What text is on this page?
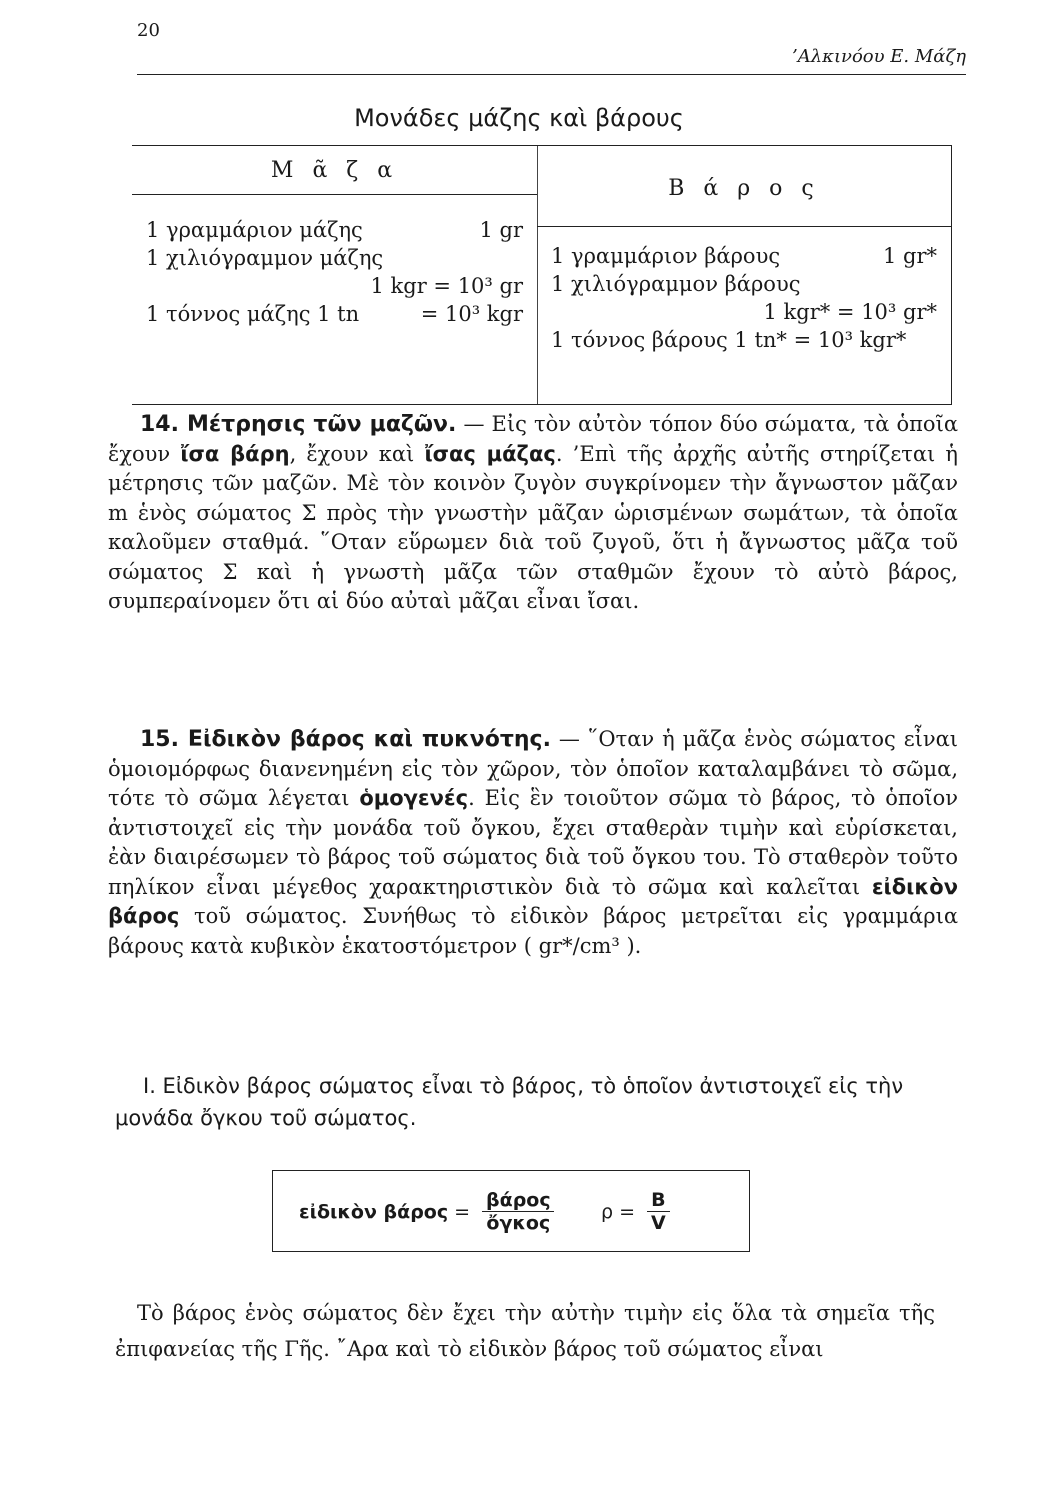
20
’Αλκινόου Ε. Μάζη
Μονάδες μάζης καὶ βάρους
Μ ᾶ ζ α
1 γραμμάριον μάζης	1 gr
1 χιλιόγραμμον μάζης
1 kgr = 10³ gr
1 τόννος μάζης 1 tn	= 10³ kgr
Β ά ρ ο ς
1 γραμμάριον βάρους	1 gr*
1 χιλιόγραμμον βάρους
1 kgr* = 10³ gr*
1 τόννος βάρους 1 tn* = 10³ kgr*

14. Μέτρησις τῶν μαζῶν. — Εἰς τὸν αὐτὸν τόπον δύο σώματα, τὰ ὁποῖα ἔχουν ἴσα βάρη, ἔχουν καὶ ἴσας μάζας. ’Επὶ τῆς ἀρχῆς αὐτῆς στηρίζεται ἡ μέτρησις τῶν μαζῶν. Μὲ τὸν κοινὸν ζυγὸν συγκρίνομεν τὴν ἄγνωστον μᾶζαν m ἑνὸς σώματος Σ πρὸς τὴν γνωστὴν μᾶζαν ὡρισμένων σωμάτων, τὰ ὁποῖα καλοῦμεν σταθμά. ῞Οταν εὕρωμεν διὰ τοῦ ζυγοῦ, ὅτι ἡ ἄγνωστος μᾶζα τοῦ σώματος Σ καὶ ἡ γνωστὴ μᾶζα τῶν σταθμῶν ἔχουν τὸ αὐτὸ βάρος, συμπεραίνομεν ὅτι αἱ δύο αὐταὶ μᾶζαι εἶναι ἴσαι.

15. Εἰδικὸν βάρος καὶ πυκνότης. — ῞Οταν ἡ μᾶζα ἑνὸς σώματος εἶναι ὁμοιομόρφως διανενημένη εἰς τὸν χῶρον, τὸν ὁποῖον καταλαμβάνει τὸ σῶμα, τότε τὸ σῶμα λέγεται ὁμογενές. Εἰς ἓν τοιοῦτον σῶμα τὸ βάρος, τὸ ὁποῖον ἀντιστοιχεῖ εἰς τὴν μονάδα τοῦ ὄγκου, ἔχει σταθερὰν τιμὴν καὶ εὑρίσκεται, ἐὰν διαιρέσωμεν τὸ βάρος τοῦ σώματος διὰ τοῦ ὄγκου του. Τὸ σταθερὸν τοῦτο πηλίκον εἶναι μέγεθος χαρακτηριστικὸν διὰ τὸ σῶμα καὶ καλεῖται εἰδικὸν βάρος τοῦ σώματος. Συνήθως τὸ εἰδικὸν βάρος μετρεῖται εἰς γραμμάρια βάρους κατὰ κυβικὸν ἑκατοστόμετρον ( gr*/cm³ ).

I. Εἰδικὸν βάρος σώματος εἶναι τὸ βάρος, τὸ ὁποῖον ἀντιστοιχεῖ εἰς τὴν μονάδα ὄγκου τοῦ σώματος.
εἰδικὸν $\beta ά\rho o\varsigma = \frac{\text{βάρος}}{\text{ὄγκος}}$ $\rho = \frac{B}{V}$
Τὸ βάρος ἑνὸς σώματος δὲν ἔχει τὴν αὐτὴν τιμὴν εἰς ὅλα τὰ σημεῖα τῆς ἐπιφανείας τῆς Γῆς. ῎Αρα καὶ τὸ εἰδικὸν βάρος τοῦ σώματος εἶναι
